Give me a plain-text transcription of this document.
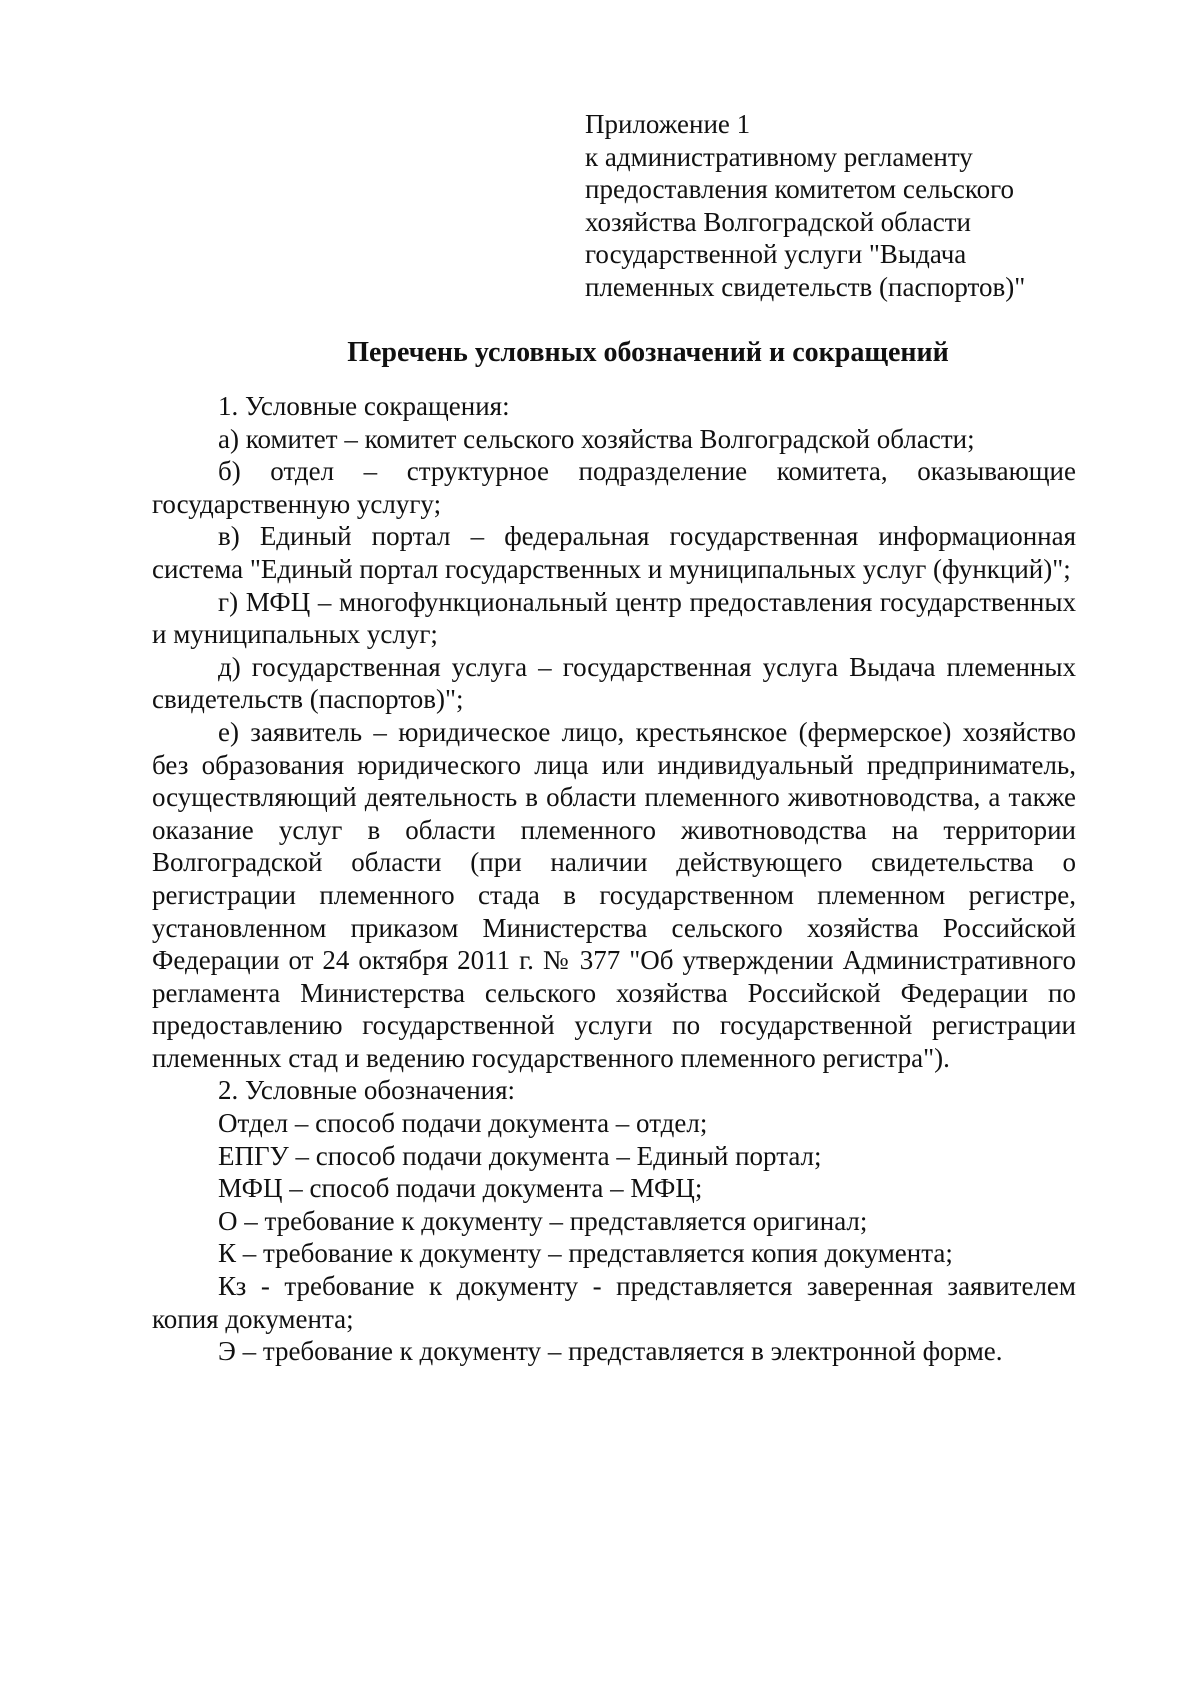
Приложение 1
к административному регламенту
предоставления комитетом сельского
хозяйства Волгоградской области
государственной услуги "Выдача
племенных свидетельств (паспортов)"
Перечень условных обозначений и сокращений

1. Условные сокращения:

а) комитет – комитет сельского хозяйства Волгоградской области;

б) отдел – структурное подразделение комитета, оказывающие государственную услугу;

в) Единый портал – федеральная государственная информационная система "Единый портал государственных и муниципальных услуг (функций)";

г) МФЦ – многофункциональный центр предоставления государственных и муниципальных услуг;

д) государственная услуга – государственная услуга Выдача племенных свидетельств (паспортов)";

е) заявитель – юридическое лицо, крестьянское (фермерское) хозяйство без образования юридического лица или индивидуальный предприниматель, осуществляющий деятельность в области племенного животноводства, а также оказание услуг в области племенного животноводства на территории Волгоградской области (при наличии действующего свидетельства о регистрации племенного стада в государственном племенном регистре, установленном приказом Министерства сельского хозяйства Российской Федерации от 24 октября 2011 г. № 377 "Об утверждении Административного регламента Министерства сельского хозяйства Российской Федерации по предоставлению государственной услуги по государственной регистрации племенных стад и ведению государственного племенного регистра").

2. Условные обозначения:

Отдел – способ подачи документа – отдел;

ЕПГУ – способ подачи документа – Единый портал;

МФЦ – способ подачи документа – МФЦ;

О – требование к документу – представляется оригинал;

К – требование к документу – представляется копия документа;

Кз - требование к документу - представляется заверенная заявителем копия документа;

Э – требование к документу – представляется в электронной форме.
